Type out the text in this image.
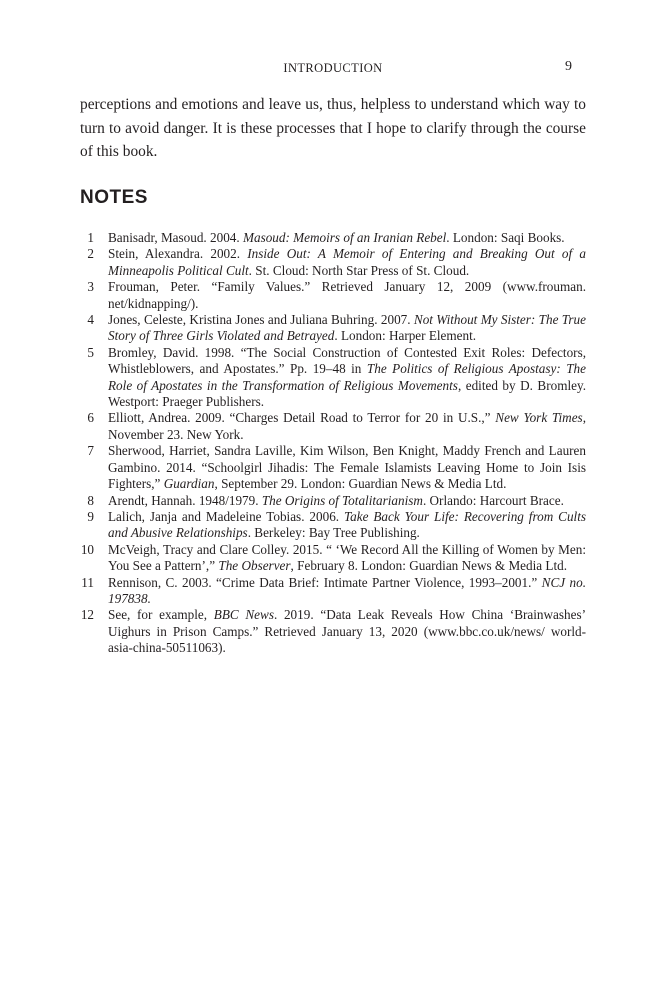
INTRODUCTION	9

perceptions and emotions and leave us, thus, helpless to understand which way to turn to avoid danger. It is these processes that I hope to clarify through the course of this book.

NOTES
1 Banisadr, Masoud. 2004. Masoud: Memoirs of an Iranian Rebel. London: Saqi Books.
2 Stein, Alexandra. 2002. Inside Out: A Memoir of Entering and Breaking Out of a Minneapolis Political Cult. St. Cloud: North Star Press of St. Cloud.
3 Frouman, Peter. “Family Values.” Retrieved January 12, 2009 (www.frouman. net/kidnapping/).
4 Jones, Celeste, Kristina Jones and Juliana Buhring. 2007. Not Without My Sister: The True Story of Three Girls Violated and Betrayed. London: Harper Element.
5 Bromley, David. 1998. “The Social Construction of Contested Exit Roles: Defectors, Whistleblowers, and Apostates.” Pp. 19–48 in The Politics of Religious Apostasy: The Role of Apostates in the Transformation of Religious Movements, edited by D. Bromley. Westport: Praeger Publishers.
6 Elliott, Andrea. 2009. “Charges Detail Road to Terror for 20 in U.S.,” New York Times, November 23. New York.
7 Sherwood, Harriet, Sandra Laville, Kim Wilson, Ben Knight, Maddy French and Lauren Gambino. 2014. “Schoolgirl Jihadis: The Female Islamists Leaving Home to Join Isis Fighters,” Guardian, September 29. London: Guardian News & Media Ltd.
8 Arendt, Hannah. 1948/1979. The Origins of Totalitarianism. Orlando: Harcourt Brace.
9 Lalich, Janja and Madeleine Tobias. 2006. Take Back Your Life: Recovering from Cults and Abusive Relationships. Berkeley: Bay Tree Publishing.
10 McVeigh, Tracy and Clare Colley. 2015. “ ‘We Record All the Killing of Women by Men: You See a Pattern’,” The Observer, February 8. London: Guardian News & Media Ltd.
11 Rennison, C. 2003. “Crime Data Brief: Intimate Partner Violence, 1993–2001.” NCJ no. 197838.
12 See, for example, BBC News. 2019. “Data Leak Reveals How China ‘Brainwashes’ Uighurs in Prison Camps.” Retrieved January 13, 2020 (www.bbc.co.uk/news/ world-asia-china-50511063).
